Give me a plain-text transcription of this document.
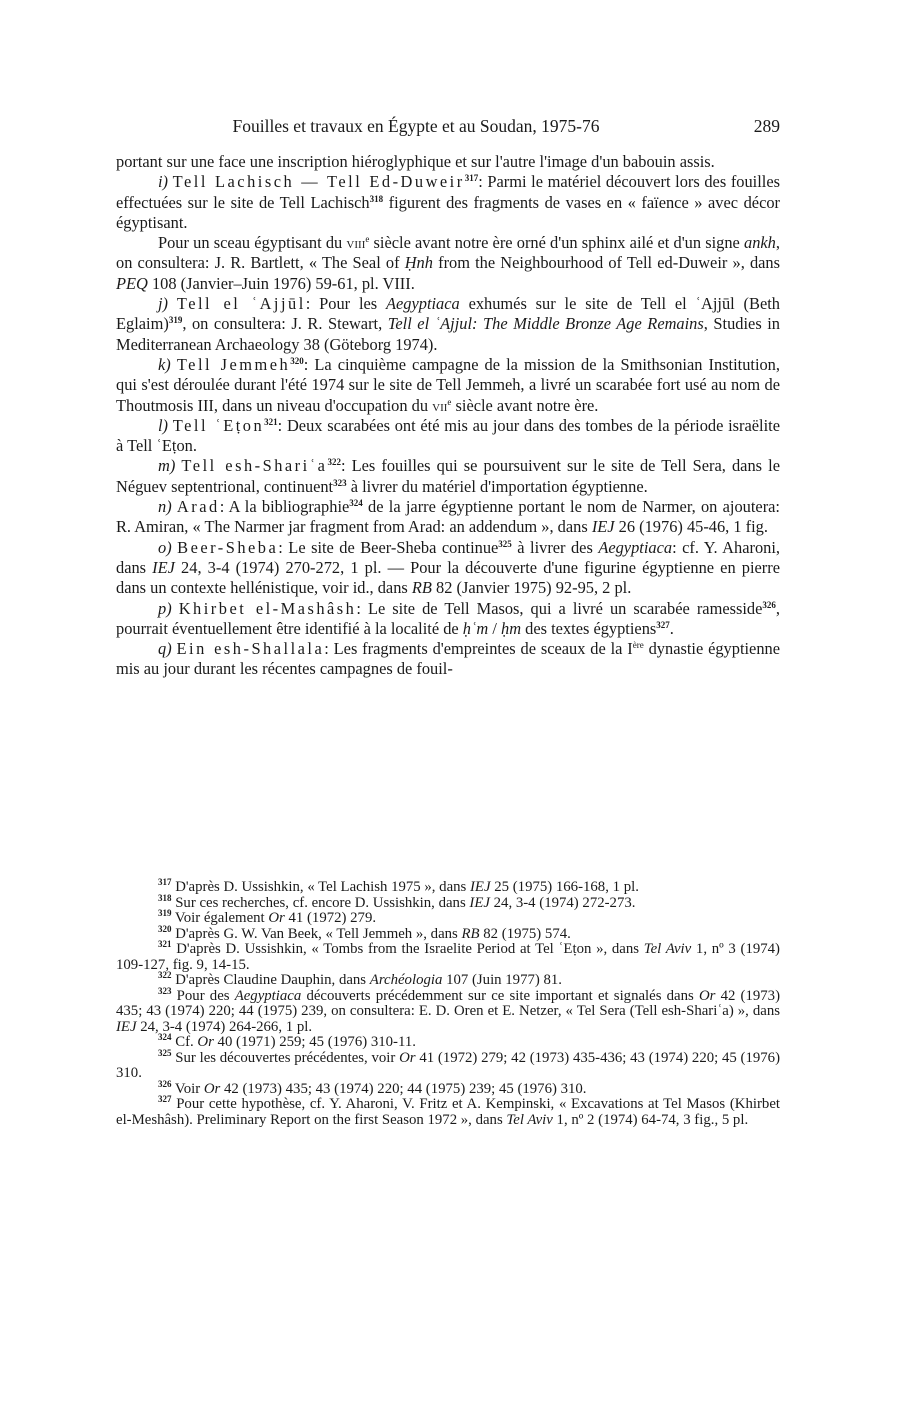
Fouilles et travaux en Égypte et au Soudan, 1975-76	289

portant sur une face une inscription hiéroglyphique et sur l'autre l'image d'un babouin assis.

i) Tell Lachisch — Tell Ed-Duweir$^{317}$: Parmi le matériel découvert lors des fouilles effectuées sur le site de Tell Lachisch$^{318}$ figurent des fragments de vases en « faïence » avec décor égyptisant.

Pour un sceau égyptisant du viii$^e$ siècle avant notre ère orné d'un sphinx ailé et d'un signe ankh, on consultera: J. R. Bartlett, « The Seal of Ḥnh from the Neighbourhood of Tell ed-Duweir », dans PEQ 108 (Janvier–Juin 1976) 59-61, pl. VIII.

j) Tell el ʿAjjūl: Pour les Aegyptiaca exhumés sur le site de Tell el ʿAjjūl (Beth Eglaim)$^{319}$, on consultera: J. R. Stewart, Tell el ʿAjjul: The Middle Bronze Age Remains, Studies in Mediterranean Archaeology 38 (Göteborg 1974).

k) Tell Jemmeh$^{320}$: La cinquième campagne de la mission de la Smithsonian Institution, qui s'est déroulée durant l'été 1974 sur le site de Tell Jemmeh, a livré un scarabée fort usé au nom de Thoutmosis III, dans un niveau d'occupation du vii$^e$ siècle avant notre ère.

l) Tell ʿEṭon$^{321}$: Deux scarabées ont été mis au jour dans des tombes de la période israëlite à Tell ʿEṭon.

m) Tell esh-Shariʿa$^{322}$: Les fouilles qui se poursuivent sur le site de Tell Sera, dans le Néguev septentrional, continuent$^{323}$ à livrer du matériel d'importation égyptienne.

n) Arad: A la bibliographie$^{324}$ de la jarre égyptienne portant le nom de Narmer, on ajoutera: R. Amiran, « The Narmer jar fragment from Arad: an addendum », dans IEJ 26 (1976) 45-46, 1 fig.

o) Beer-Sheba: Le site de Beer-Sheba continue$^{325}$ à livrer des Aegyptiaca: cf. Y. Aharoni, dans IEJ 24, 3-4 (1974) 270-272, 1 pl. — Pour la découverte d'une figurine égyptienne en pierre dans un contexte hellénistique, voir id., dans RB 82 (Janvier 1975) 92-95, 2 pl.

p) Khirbet el-Mashâsh: Le site de Tell Masos, qui a livré un scarabée ramesside$^{326}$, pourrait éventuellement être identifié à la localité de ḥʿm / ḥm des textes égyptiens$^{327}$.

q) Ein esh-Shallala: Les fragments d'empreintes de sceaux de la Ière dynastie égyptienne mis au jour durant les récentes campagnes de fouil-

$^{317}$ D'après D. Ussishkin, « Tel Lachish 1975 », dans IEJ 25 (1975) 166-168, 1 pl.

$^{318}$ Sur ces recherches, cf. encore D. Ussishkin, dans IEJ 24, 3-4 (1974) 272-273.

$^{319}$ Voir également Or 41 (1972) 279.

$^{320}$ D'après G. W. Van Beek, « Tell Jemmeh », dans RB 82 (1975) 574.

$^{321}$ D'après D. Ussishkin, « Tombs from the Israelite Period at Tel ʿEṭon », dans Tel Aviv 1, nº 3 (1974) 109-127, fig. 9, 14-15.

$^{322}$ D'après Claudine Dauphin, dans Archéologia 107 (Juin 1977) 81.

$^{323}$ Pour des Aegyptiaca découverts précédemment sur ce site important et signalés dans Or 42 (1973) 435; 43 (1974) 220; 44 (1975) 239, on consultera: E. D. Oren et E. Netzer, « Tel Sera (Tell esh-Shariʿa) », dans IEJ 24, 3-4 (1974) 264-266, 1 pl.

$^{324}$ Cf. Or 40 (1971) 259; 45 (1976) 310-11.

$^{325}$ Sur les découvertes précédentes, voir Or 41 (1972) 279; 42 (1973) 435-436; 43 (1974) 220; 45 (1976) 310.

$^{326}$ Voir Or 42 (1973) 435; 43 (1974) 220; 44 (1975) 239; 45 (1976) 310.

$^{327}$ Pour cette hypothèse, cf. Y. Aharoni, V. Fritz et A. Kempinski, « Excavations at Tel Masos (Khirbet el-Meshâsh). Preliminary Report on the first Season 1972 », dans Tel Aviv 1, nº 2 (1974) 64-74, 3 fig., 5 pl.
